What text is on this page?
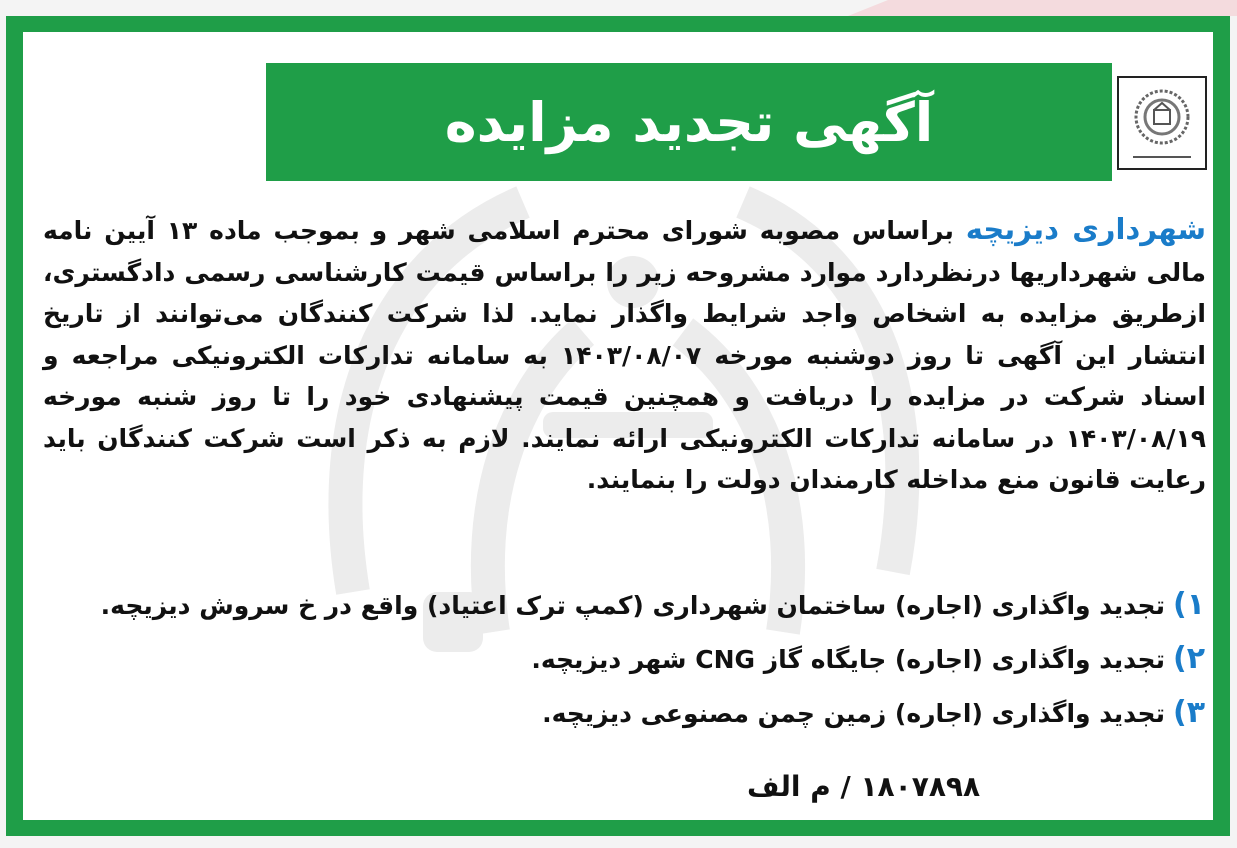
آگهی تجدید مزایده
شهرداری دیزیچه براساس مصوبه شورای محترم اسلامی شهر و بموجب ماده ۱۳ آیین نامه مالی شهرداریها درنظردارد موارد مشروحه زیر را براساس قیمت کارشناسی رسمی دادگستری، ازطریق مزایده به اشخاص واجد شرایط واگذار نماید. لذا شرکت کنندگان می‌توانند از تاریخ انتشار این آگهی تا روز دوشنبه مورخه ۱۴۰۳/۰۸/۰۷ به سامانه تدارکات الکترونیکی مراجعه و اسناد شرکت در مزایده را دریافت و همچنین قیمت پیشنهادی خود را تا روز شنبه مورخه ۱۴۰۳/۰۸/۱۹ در سامانه تدارکات الکترونیکی ارائه نمایند. لازم به ذکر است شرکت کنندگان باید رعایت قانون منع مداخله کارمندان دولت را بنمایند.
۱)تجدید واگذاری (اجاره) ساختمان شهرداری (کمپ ترک اعتیاد) واقع در خ سروش دیزیچه.
۲)تجدید واگذاری (اجاره) جایگاه گاز CNG شهر دیزیچه.
۳)تجدید واگذاری (اجاره) زمین چمن مصنوعی دیزیچه.
عباس اله یاری– شهردار دیزیچه	۱۸۰۷۸۹۸ / م الف
